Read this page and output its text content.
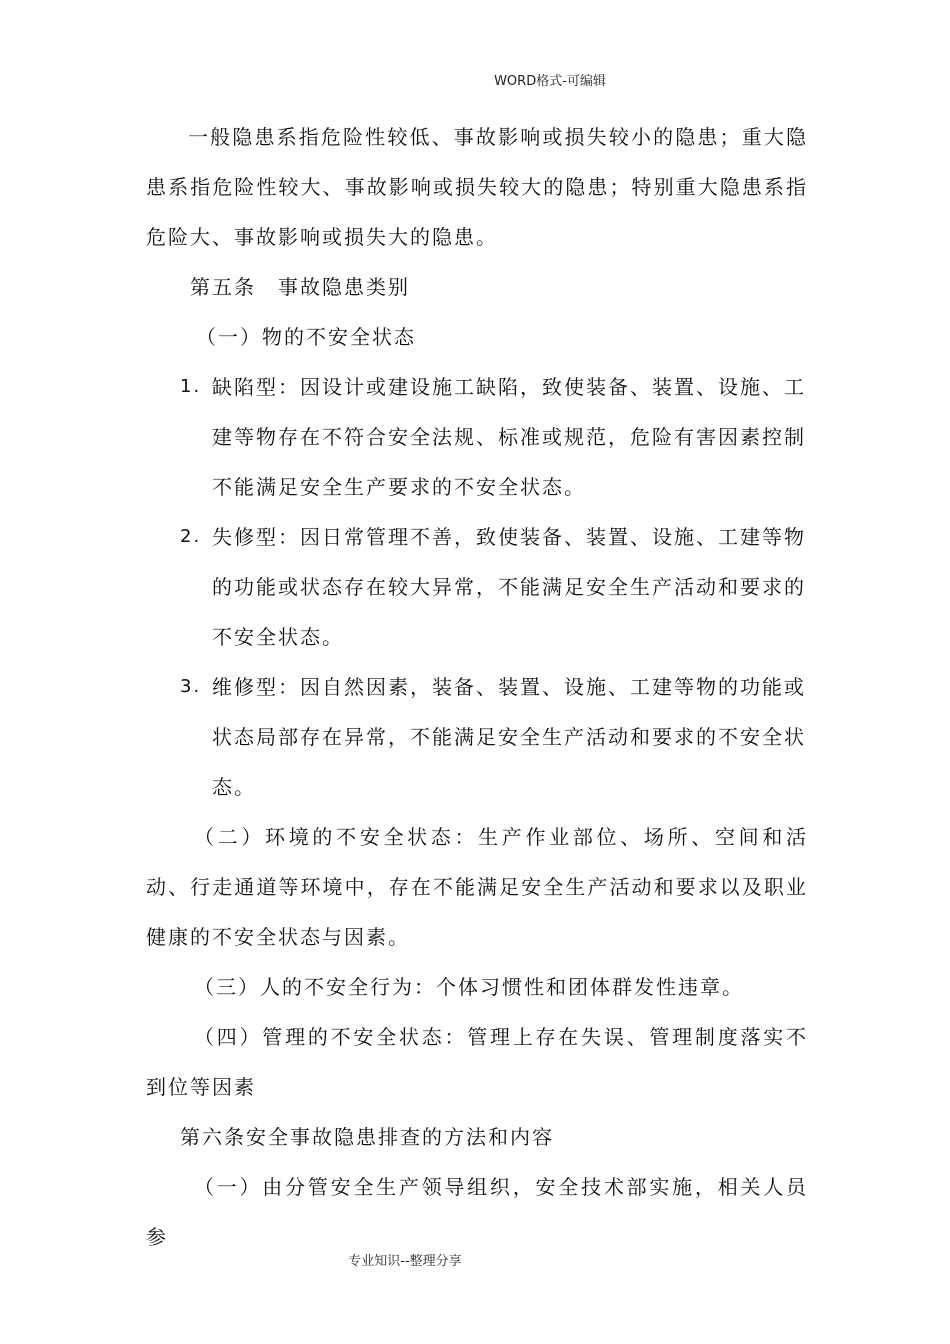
WORD格式-可编辑

一般隐患系指危险性较低、事故影响或损失较小的隐患；重大隐患系指危险性较大、事故影响或损失较大的隐患；特别重大隐患系指危险大、事故影响或损失大的隐患。

第五条 事故隐患类别

（一）物的不安全状态

1. 缺陷型：因设计或建设施工缺陷，致使装备、装置、设施、工建等物存在不符合安全法规、标准或规范，危险有害因素控制不能满足安全生产要求的不安全状态。
2. 失修型：因日常管理不善，致使装备、装置、设施、工建等物的功能或状态存在较大异常，不能满足安全生产活动和要求的不安全状态。
3. 维修型：因自然因素，装备、装置、设施、工建等物的功能或状态局部存在异常，不能满足安全生产活动和要求的不安全状态。

（二）环境的不安全状态：生产作业部位、场所、空间和活动、行走通道等环境中，存在不能满足安全生产活动和要求以及职业健康的不安全状态与因素。

（三）人的不安全行为：个体习惯性和团体群发性违章。

（四）管理的不安全状态：管理上存在失误、管理制度落实不到位等因素

第六条安全事故隐患排查的方法和内容

（一）由分管安全生产领导组织，安全技术部实施，相关人员参

专业知识--整理分享
